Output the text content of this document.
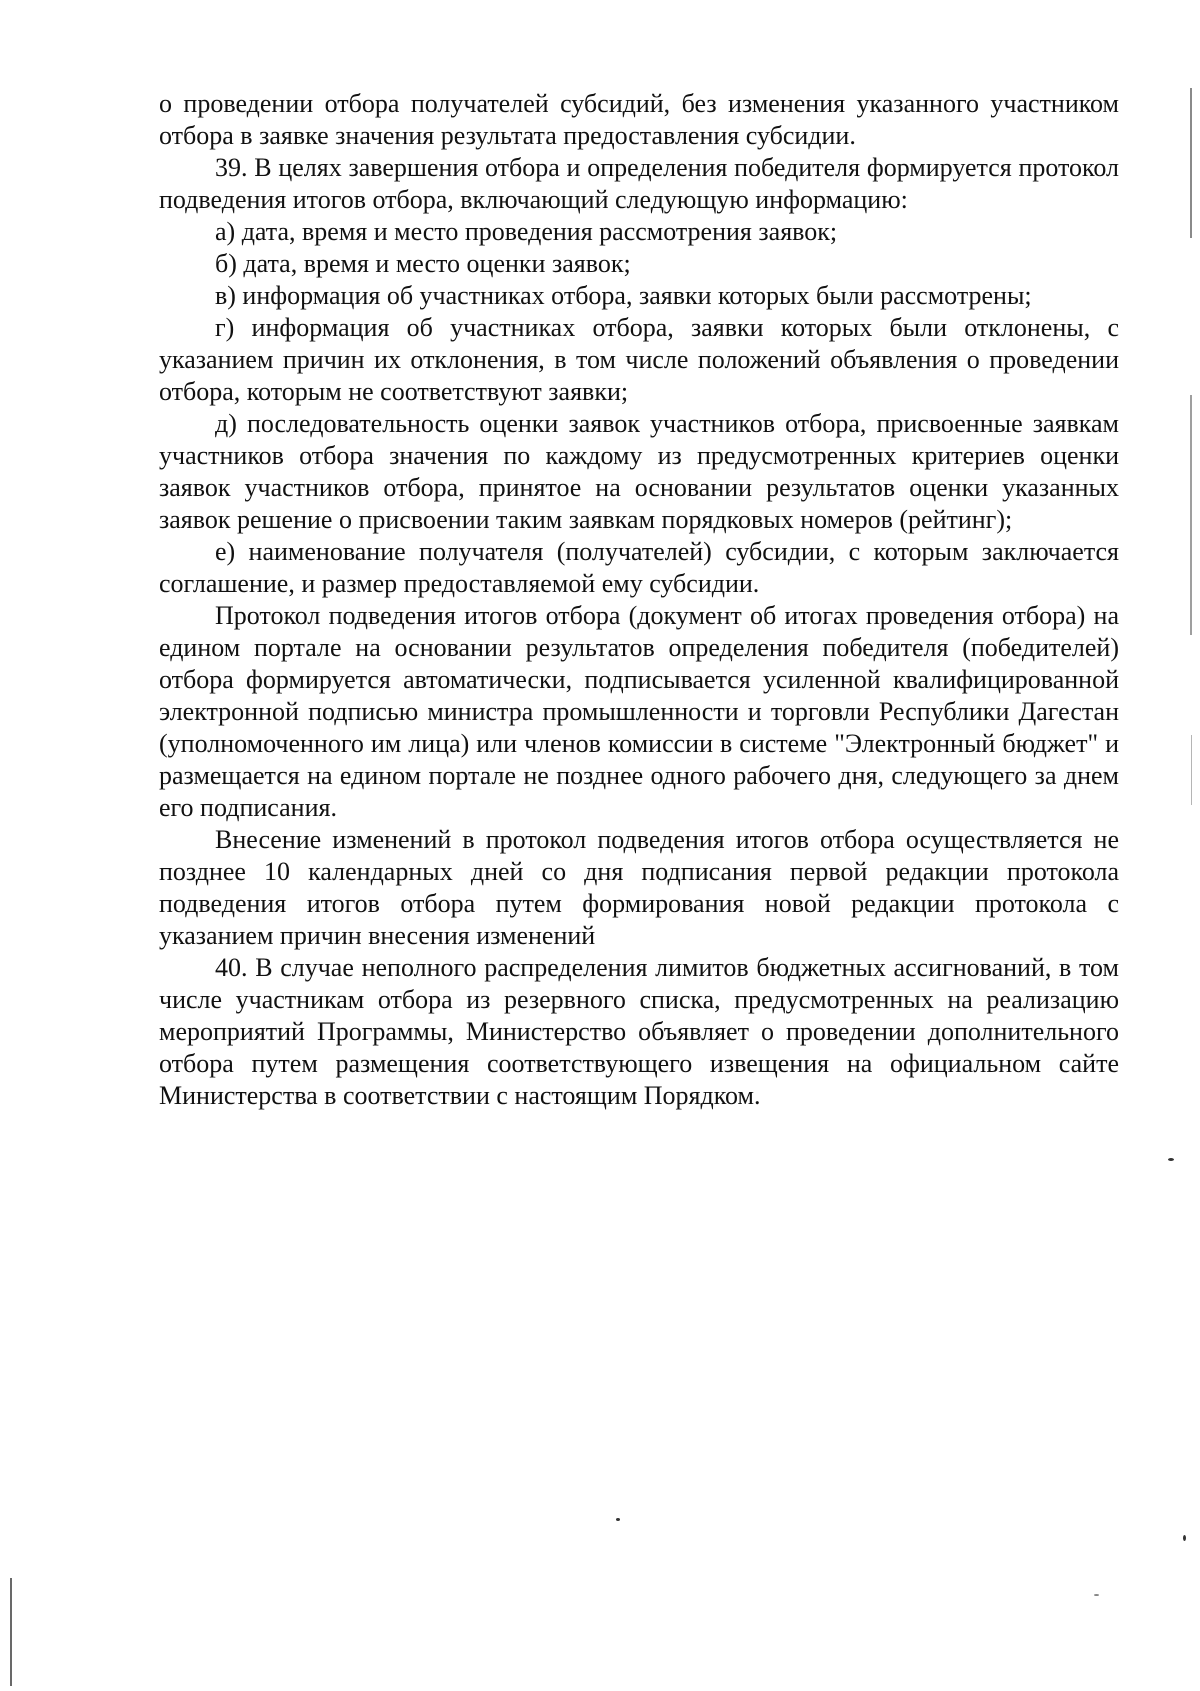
о проведении отбора получателей субсидий, без изменения указанного участником отбора в заявке значения результата предоставления субсидии.

39. В целях завершения отбора и определения победителя формируется протокол подведения итогов отбора, включающий следующую информацию:

а) дата, время и место проведения рассмотрения заявок;

б) дата, время и место оценки заявок;

в) информация об участниках отбора, заявки которых были рассмотрены;

г) информация об участниках отбора, заявки которых были отклонены, с указанием причин их отклонения, в том числе положений объявления о проведении отбора, которым не соответствуют заявки;

д) последовательность оценки заявок участников отбора, присвоенные заявкам участников отбора значения по каждому из предусмотренных критериев оценки заявок участников отбора, принятое на основании результатов оценки указанных заявок решение о присвоении таким заявкам порядковых номеров (рейтинг);

е) наименование получателя (получателей) субсидии, с которым заключается соглашение, и размер предоставляемой ему субсидии.

Протокол подведения итогов отбора (документ об итогах проведения отбора) на едином портале на основании результатов определения победителя (победителей) отбора формируется автоматически, подписывается усиленной квалифицированной электронной подписью министра промышленности и торговли Республики Дагестан (уполномоченного им лица) или членов комиссии в системе "Электронный бюджет" и размещается на едином портале не позднее одного рабочего дня, следующего за днем его подписания.

Внесение изменений в протокол подведения итогов отбора осуществляется не позднее 10 календарных дней со дня подписания первой редакции протокола подведения итогов отбора путем формирования новой редакции протокола с указанием причин внесения изменений

40. В случае неполного распределения лимитов бюджетных ассигнований, в том числе участникам отбора из резервного списка, предусмотренных на реализацию мероприятий Программы, Министерство объявляет о проведении дополнительного отбора путем размещения соответствующего извещения на официальном сайте Министерства в соответствии с настоящим Порядком.
